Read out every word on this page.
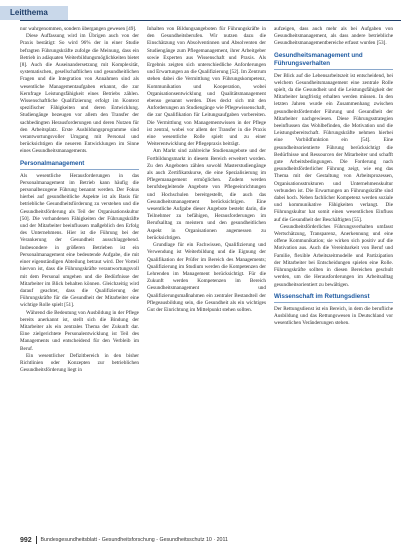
Leitthema

nur wahrgenommen, sondern übergangen gewesen [49].

Diese Auffassung wird im Übrigen auch von der Praxis bestätigt: So wird 96% der in einer Studie befragten Führungskräfte zufolge die Meinung, dass ein Betrieb in adäquaten Weiterbildungsmöglichkeiten bietet [8]. Auch die Auseinandersetzung mit Komplexität, systematischen, gesellschaftlichen und gesundheitlichen Fragen und die Integration von Annahmen sind als wesentliche Managementaufgaben erkannt, die zur Kernfrage Leistungsfähigkeit eines Betriebs zählen. Wissenschaftliche Qualifizierung erfolgt im Kontext spezifischer Fähigkeiten und deren Entwicklung. Studiengänge bezeugen vor allem den Transfer der sachbedingten Herausforderungen und deren Nutzen für den Arbeitsplatz. Erste Ausbildungsprogramme sind verantwortungsvoller Umgang mit Personal und berücksichtigen die neueren Entwicklungen im Sinne eines Gesundheitsmanagements.

Personalmanagement

Als wesentliche Herausforderungen in das Personalmanagement im Betrieb kann häufig die personalbezogene Führung benannt werden. Der Fokus hierbei auf gesundheitliche Aspekte ist als Basis für betriebliche Gesundheitsförderung zu verstehen und die Gesundheitsförderung als Teil der Organisationskultur [50]. Die vorhandenen Fähigkeiten der Führungskräfte und der Mitarbeiter beeinflussen maßgeblich den Erfolg des Unternehmens. Hier ist die Führung bei der Verankerung der Gesundheit ausschlaggebend. Insbesondere in größeren Betrieben ist ein Personalmanagement eine bedeutende Aufgabe, die mit einer eigenständigen Abteilung betraut wird. Der Vorteil hiervon ist, dass die Führungskräfte verantwortungsvoll mit dem Personal umgehen und die Bedürfnisse der Mitarbeiter im Blick behalten können. Gleichzeitig wird darauf geachtet, dass die Qualifizierung der Führungskräfte für die Gesundheit der Mitarbeiter eine wichtige Rolle spielt [51].

Während die Bedeutung von Ausbildung in der Pflege bereits anerkannt ist, stellt sich die Bindung der Mitarbeiter als ein zentrales Thema der Zukunft dar. Eine zielgerichtete Personalentwicklung ist Teil des Managements und entscheidend für den Verbleib im Beruf.

Ein wesentlicher Defizitbereich in den bisher Richtlinien oder Konzepten zur betrieblichen Gesundheitsförderung liegt in

Inhalten von Bildungsangeboten für Führungskräfte in den Gesundheitsberufen. Wir nutzen dazu die Einschätzung von Absolventinnen und Absolventen der Studiengänge zum Pflegemanagement, ihrer Arbeitgeber sowie Experten aus Wissenschaft und Praxis. Als Ergebnis zeigten sich unterschiedliche Anforderungen und Erwartungen an die Qualifizierung [52]. Im Zentrum stehen dabei die Vermittlung von Führungskompetenz, Kommunikation und Kooperation, wobei Organisationsentwicklung und Qualitätsmanagement ebenso genannt werden. Dies deckt sich mit den Anforderungen an Studiengänge wie Pflegewissenschaft, die zur Qualifikation für Leitungsaufgaben vorbereiten. Die Vermittlung von Managementwissen in der Pflege ist zentral, wobei vor allem der Transfer in die Praxis eine wesentliche Rolle spielt und zu einer Weiterentwicklung der Pflegepraxis beiträgt.

Am Markt sind zahlreiche Studienangebote und der Fortbildungsmarkt in diesem Bereich erweitert worden. Zu den Angeboten zählen sowohl Masterstudiengänge als auch Zertifikatskurse, die eine Spezialisierung im Pflegemanagement ermöglichen. Zudem werden berufsbegleitende Angebote von Pflegeeinrichtungen und Hochschulen bereitgestellt, die auch das Gesundheitsmanagement berücksichtigen. Eine wesentliche Aufgabe dieser Angebote besteht darin, die Teilnehmer zu befähigen, Herausforderungen im Berufsalltag zu meistern und den gesundheitlichen Aspekt in Organisationen angemessen zu berücksichtigen.

Grundlage für ein Fachwissen, Qualifizierung und Verwendung ist Weiterbildung und die Eignung der Qualifikation der Prüfer im Bereich des Managements; Qualifizierung im Studium werden die Kompetenzen der Lehrenden im Management berücksichtigt. Für die Zukunft werden Kompetenzen im Bereich Gesundheitsmanagement und Qualifizierungsmaßnahmen ein zentraler Bestandteil der Pflegeausbildung sein, die Gesundheit als ein wichtiges Gut der Einrichtung im Mittelpunkt stehen sollten.

aufzeigen, dass auch mehr als bei Aufgaben von Gesundheitsmanagement, als dass andere betriebliche Gesundheitsmanagementbereiche erfasst wurden [53].

Gesundheitsmanagement und Führungsverhalten

Der Blick auf die Lebensarbeitszeit ist entscheidend, bei welchem Gesundheitsmanagement eine zentrale Rolle spielt, da die Gesundheit und die Leistungsfähigkeit der Mitarbeiter langfristig erhalten werden müssen. In den letzten Jahren wurde ein Zusammenhang zwischen gesundheitsfördernder Führung und Gesundheit der Mitarbeiter nachgewiesen. Diese Führungsstrategien beeinflussen das Wohlbefinden, die Motivation und die Leistungsbereitschaft. Führungskräfte nehmen hierbei eine Vorbildfunktion ein [54]. Eine gesundheitsorientierte Führung berücksichtigt die Bedürfnisse und Ressourcen der Mitarbeiter und schafft gute Arbeitsbedingungen. Die Forderung nach gesundheitsförderlicher Führung zeigt, wie eng das Thema mit der Gestaltung von Arbeitsprozessen, Organisationsstrukturen und Unternehmenskultur verbunden ist. Die Erwartungen an Führungskräfte sind dabei hoch. Neben fachlicher Kompetenz werden soziale und kommunikative Fähigkeiten verlangt. Die Führungskultur hat somit einen wesentlichen Einfluss auf die Gesundheit der Beschäftigten [55].

Gesundheitsförderliches Führungsverhalten umfasst Wertschätzung, Transparenz, Anerkennung und eine offene Kommunikation; sie wirken sich positiv auf die Motivation aus. Auch die Vereinbarkeit von Beruf und Familie, flexible Arbeitszeitmodelle und Partizipation der Mitarbeiter bei Entscheidungen spielen eine Rolle. Führungskräfte sollten in diesen Bereichen geschult werden, um die Herausforderungen im Arbeitsalltag gesundheitsorientiert zu bewältigen.

Wissenschaft im Rettungsdienst

Der Rettungsdienst ist ein Bereich, in dem die berufliche Ausbildung und das Rettungswesen in Deutschland vor wesentlichen Veränderungen stehen.

992 Bundesgesundheitsblatt - Gesundheitsforschung - Gesundheitsschutz 10 · 2011
